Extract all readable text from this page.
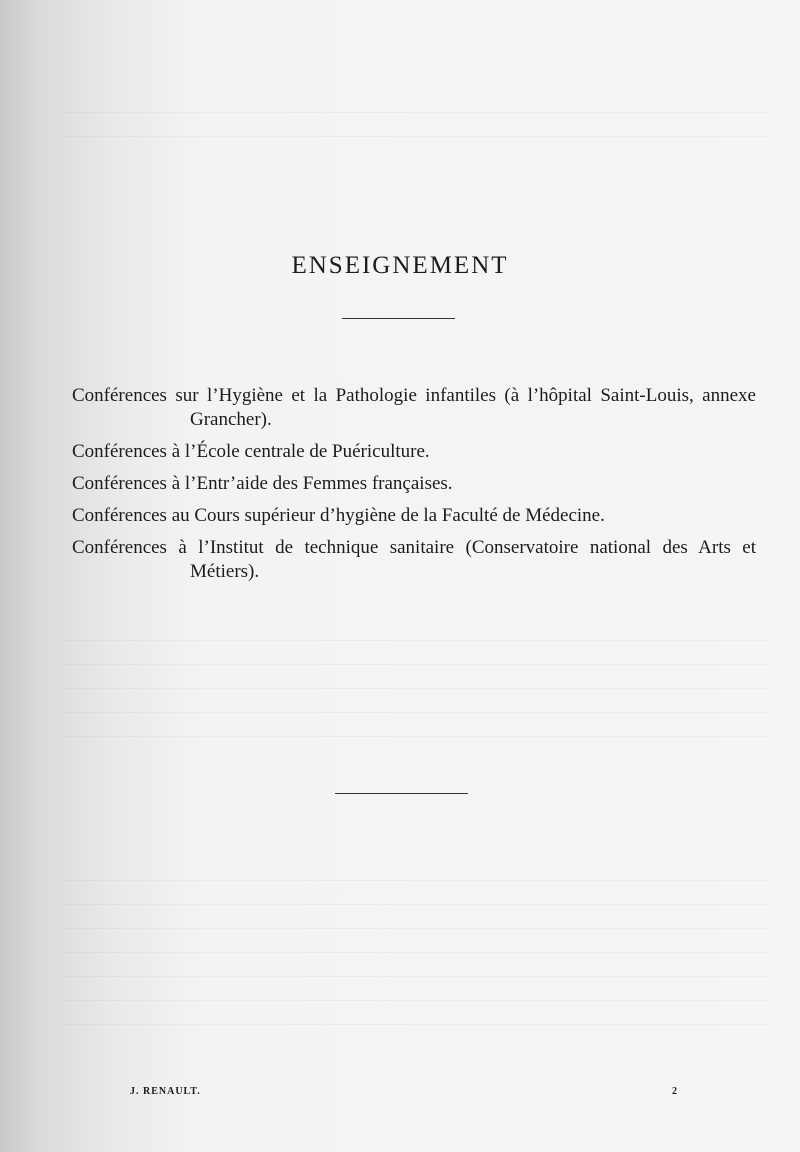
ENSEIGNEMENT
Conférences sur l’Hygiène et la Pathologie infantiles (à l’hôpital Saint-Louis, annexe Grancher).
Conférences à l’École centrale de Puériculture.
Conférences à l’Entr’aide des Femmes françaises.
Conférences au Cours supérieur d’hygiène de la Faculté de Médecine.
Conférences à l’Institut de technique sanitaire (Conservatoire national des Arts et Métiers).
J. RENAULT.	2
